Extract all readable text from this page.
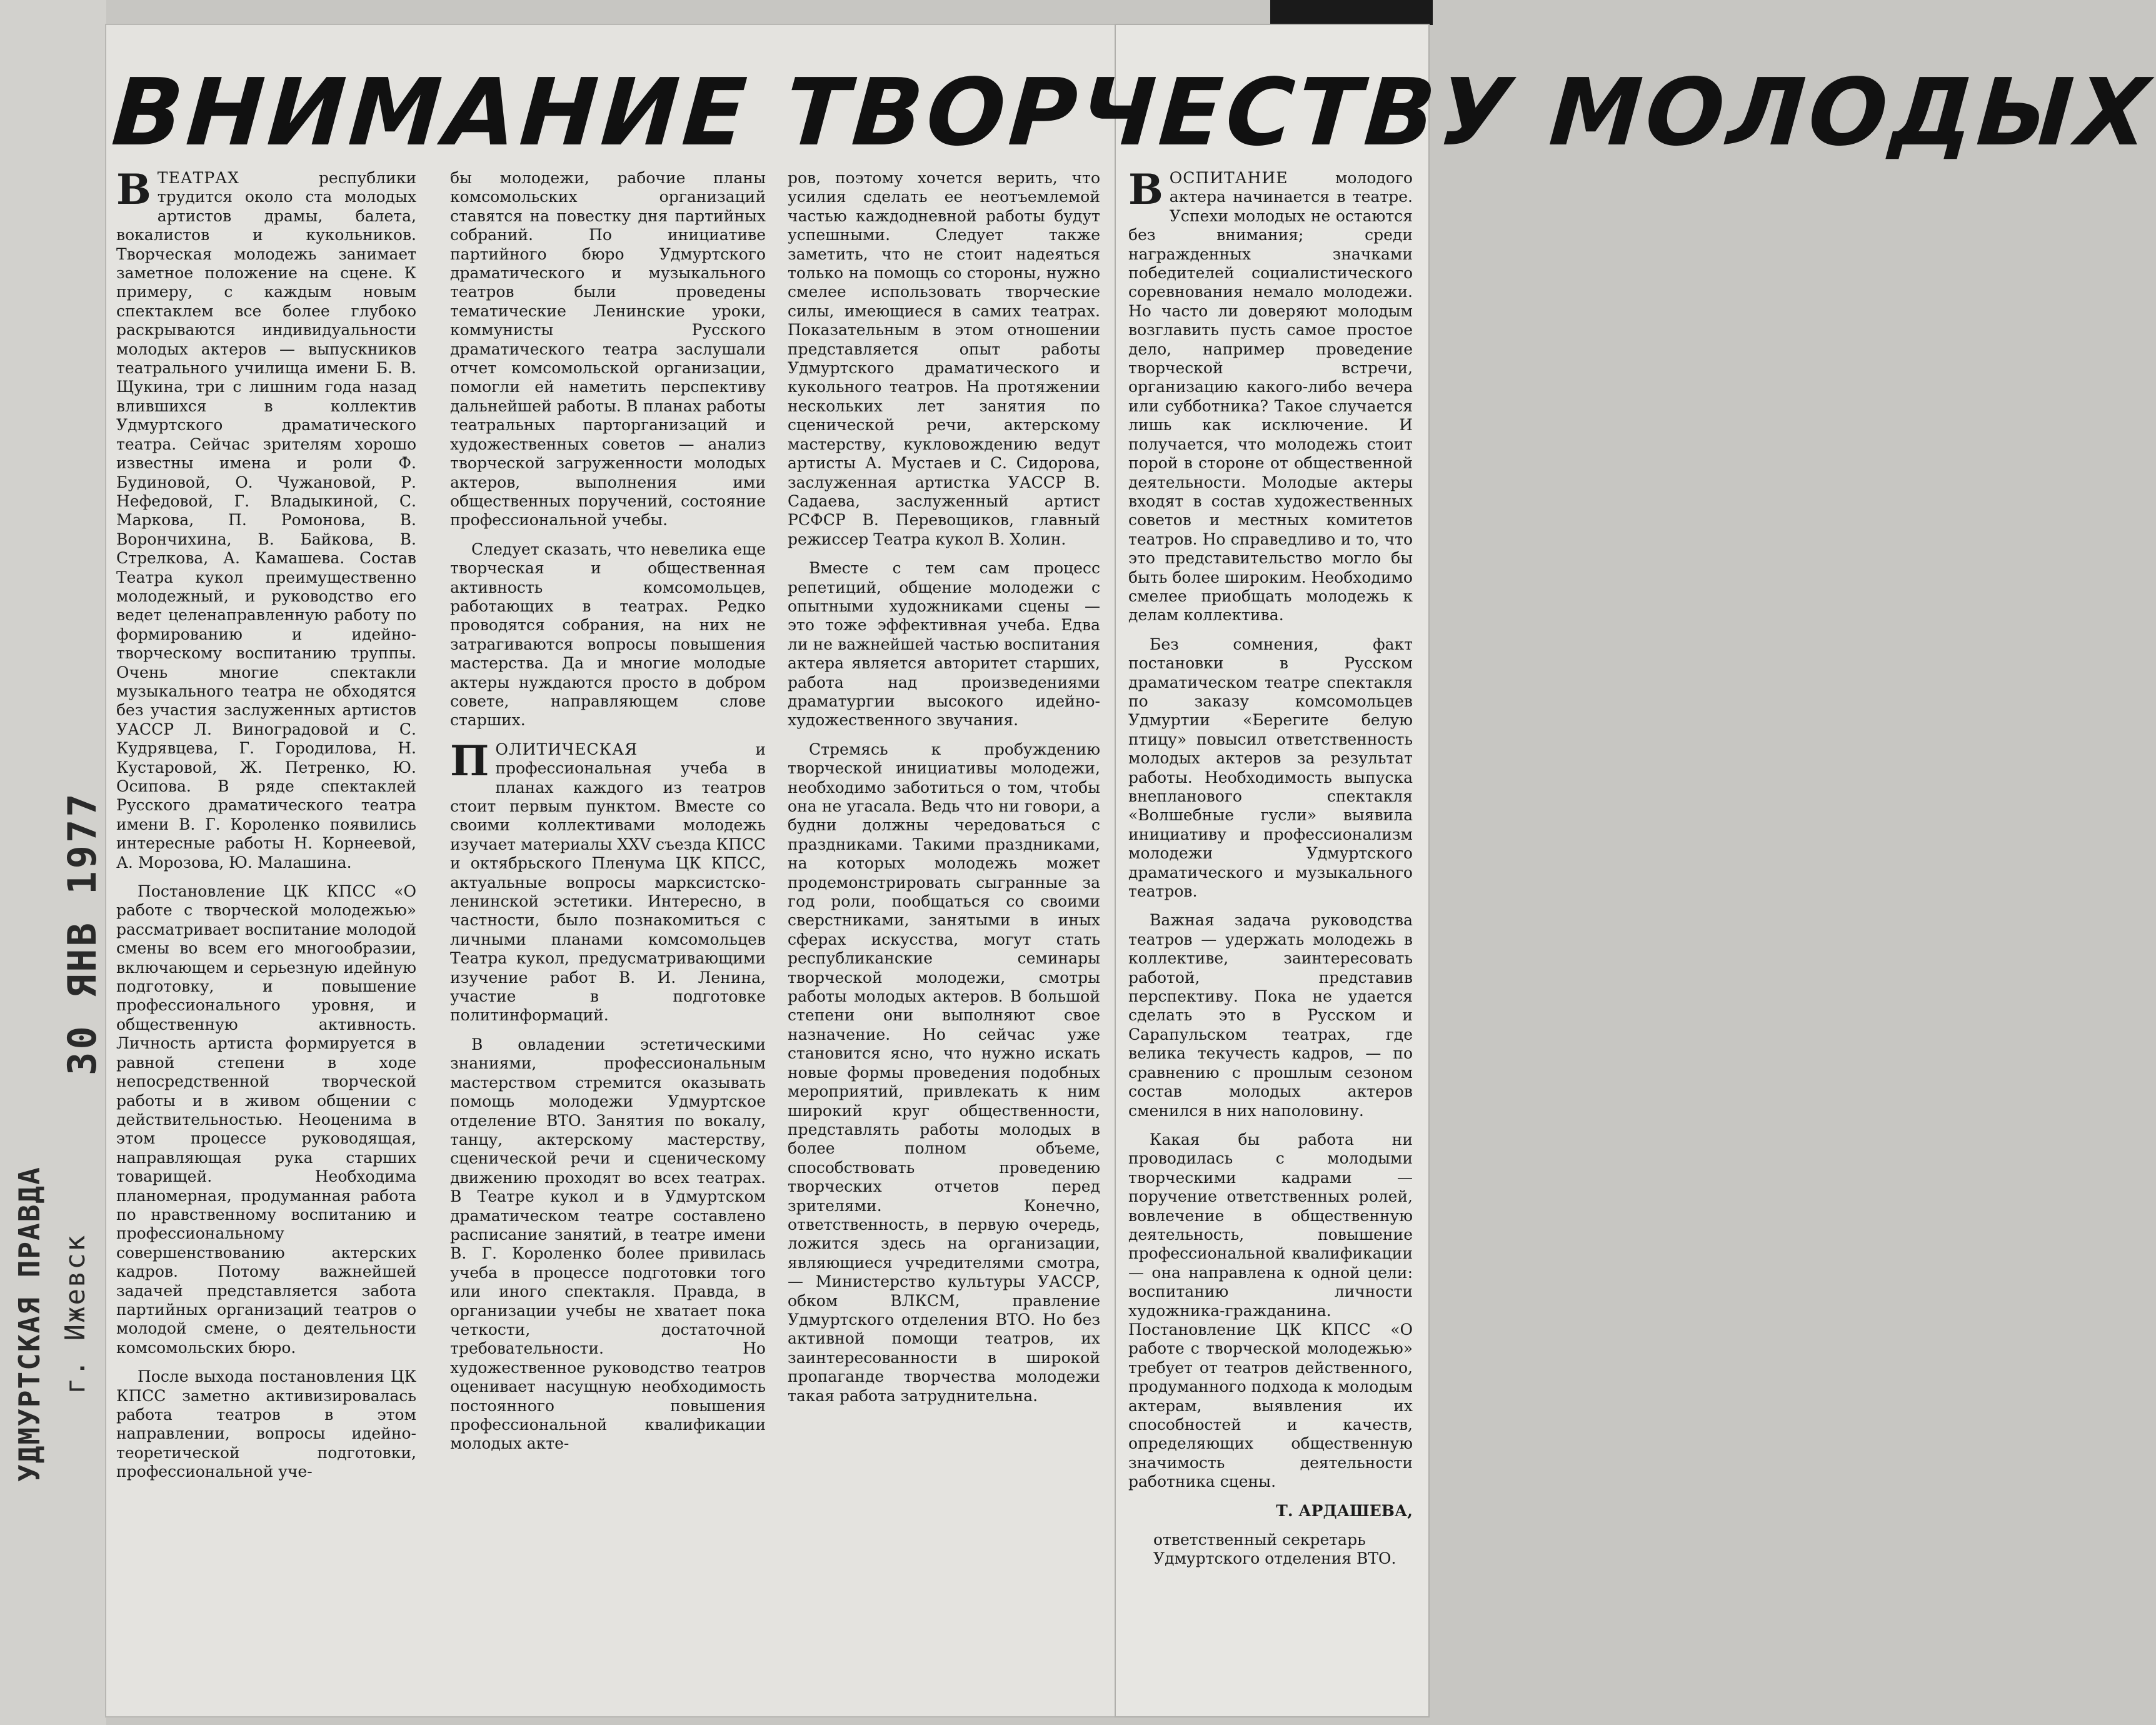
ВНИМАНИЕ ТВОРЧЕСТВУ МОЛОДЫХ

ВТЕАТРАХ республики трудится около ста молодых артистов драмы, балета, вокалистов и кукольников. Творческая молодежь занимает заметное положение на сцене. К примеру, с каждым новым спектаклем все более глубоко раскрываются индивидуальности молодых актеров — выпускников театрального училища имени Б. В. Щукина, три с лишним года назад влившихся в коллектив Удмуртского драматического театра. Сейчас зрителям хорошо известны имена и роли Ф. Будиновой, О. Чужановой, Р. Нефедовой, Г. Владыкиной, С. Маркова, П. Ромонова, В. Ворончихина, В. Байкова, В. Стрелкова, А. Камашева. Состав Театра кукол преимущественно молодежный, и руководство его ведет целенаправленную работу по формированию и идейно-творческому воспитанию труппы. Очень многие спектакли музыкального театра не обходятся без участия заслуженных артистов УАССР Л. Виноградовой и С. Кудрявцева, Г. Городилова, Н. Кустаровой, Ж. Петренко, Ю. Осипова. В ряде спектаклей Русского драматического театра имени В. Г. Короленко появились интересные работы Н. Корнеевой, А. Морозова, Ю. Малашина.

Постановление ЦК КПСС «О работе с творческой молодежью» рассматривает воспитание молодой смены во всем его многообразии, включающем и серьезную идейную подготовку, и повышение профессионального уровня, и общественную активность. Личность артиста формируется в равной степени в ходе непосредственной творческой работы и в живом общении с действительностью. Неоценима в этом процессе руководящая, направляющая рука старших товарищей. Необходима планомерная, продуманная работа по нравственному воспитанию и профессиональному совершенствованию актерских кадров. Потому важнейшей задачей представляется забота партийных организаций театров о молодой смене, о деятельности комсомольских бюро.

После выхода постановления ЦК КПСС заметно активизировалась работа театров в этом направлении, вопросы идейно-теоретической подготовки, профессиональной уче-

бы молодежи, рабочие планы комсомольских организаций ставятся на повестку дня партийных собраний. По инициативе партийного бюро Удмуртского драматического и музыкального театров были проведены тематические Ленинские уроки, коммунисты Русского драматического театра заслушали отчет комсомольской организации, помогли ей наметить перспективу дальнейшей работы. В планах работы театральных парторганизаций и художественных советов — анализ творческой загруженности молодых актеров, выполнения ими общественных поручений, состояние профессиональной учебы.

Следует сказать, что невелика еще творческая и общественная активность комсомольцев, работающих в театрах. Редко проводятся собрания, на них не затрагиваются вопросы повышения мастерства. Да и многие молодые актеры нуждаются просто в добром совете, направляющем слове старших.

ПОЛИТИЧЕСКАЯ и профессиональная учеба в планах каждого из театров стоит первым пунктом. Вместе со своими коллективами молодежь изучает материалы XXV съезда КПСС и октябрьского Пленума ЦК КПСС, актуальные вопросы марксистско-ленинской эстетики. Интересно, в частности, было познакомиться с личными планами комсомольцев Театра кукол, предусматривающими изучение работ В. И. Ленина, участие в подготовке политинформаций.

В овладении эстетическими знаниями, профессиональным мастерством стремится оказывать помощь молодежи Удмуртское отделение ВТО. Занятия по вокалу, танцу, актерскому мастерству, сценической речи и сценическому движению проходят во всех театрах. В Театре кукол и в Удмуртском драматическом театре составлено расписание занятий, в театре имени В. Г. Короленко более привилась учеба в процессе подготовки того или иного спектакля. Правда, в организации учебы не хватает пока четкости, достаточной требовательности. Но художественное руководство театров оценивает насущную необходимость постоянного повышения профессиональной квалификации молодых акте-

ров, поэтому хочется верить, что усилия сделать ее неотъемлемой частью каждодневной работы будут успешными. Следует также заметить, что не стоит надеяться только на помощь со стороны, нужно смелее использовать творческие силы, имеющиеся в самих театрах. Показательным в этом отношении представляется опыт работы Удмуртского драматического и кукольного театров. На протяжении нескольких лет занятия по сценической речи, актерскому мастерству, кукловождению ведут артисты А. Мустаев и С. Сидорова, заслуженная артистка УАССР В. Садаева, заслуженный артист РСФСР В. Перевощиков, главный режиссер Театра кукол В. Холин.

Вместе с тем сам процесс репетиций, общение молодежи с опытными художниками сцены — это тоже эффективная учеба. Едва ли не важнейшей частью воспитания актера является авторитет старших, работа над произведениями драматургии высокого идейно-художественного звучания.

Стремясь к пробуждению творческой инициативы молодежи, необходимо заботиться о том, чтобы она не угасала. Ведь что ни говори, а будни должны чередоваться с праздниками. Такими праздниками, на которых молодежь может продемонстрировать сыгранные за год роли, пообщаться со своими сверстниками, занятыми в иных сферах искусства, могут стать республиканские семинары творческой молодежи, смотры работы молодых актеров. В большой степени они выполняют свое назначение. Но сейчас уже становится ясно, что нужно искать новые формы проведения подобных мероприятий, привлекать к ним широкий круг общественности, представлять работы молодых в более полном объеме, способствовать проведению творческих отчетов перед зрителями. Конечно, ответственность, в первую очередь, ложится здесь на организации, являющиеся учредителями смотра, — Министерство культуры УАССР, обком ВЛКСМ, правление Удмуртского отделения ВТО. Но без активной помощи театров, их заинтересованности в широкой пропаганде творчества молодежи такая работа затруднительна.

ВОСПИТАНИЕ молодого актера начинается в театре. Успехи молодых не остаются без внимания; среди награжденных значками победителей социалистического соревнования немало молодежи. Но часто ли доверяют молодым возглавить пусть самое простое дело, например проведение творческой встречи, организацию какого-либо вечера или субботника? Такое случается лишь как исключение. И получается, что молодежь стоит порой в стороне от общественной деятельности. Молодые актеры входят в состав художественных советов и местных комитетов театров. Но справедливо и то, что это представительство могло бы быть более широким. Необходимо смелее приобщать молодежь к делам коллектива.

Без сомнения, факт постановки в Русском драматическом театре спектакля по заказу комсомольцев Удмуртии «Берегите белую птицу» повысил ответственность молодых актеров за результат работы. Необходимость выпуска внепланового спектакля «Волшебные гусли» выявила инициативу и профессионализм молодежи Удмуртского драматического и музыкального театров.

Важная задача руководства театров — удержать молодежь в коллективе, заинтересовать работой, представив перспективу. Пока не удается сделать это в Русском и Сарапульском театрах, где велика текучесть кадров, — по сравнению с прошлым сезоном состав молодых актеров сменился в них наполовину.

Какая бы работа ни проводилась с молодыми творческими кадрами — поручение ответственных ролей, вовлечение в общественную деятельность, повышение профессиональной квалификации — она направлена к одной цели: воспитанию личности художника-гражданина. Постановление ЦК КПСС «О работе с творческой молодежью» требует от театров действенного, продуманного подхода к молодым актерам, выявления их способностей и качеств, определяющих общественную значимость деятельности работника сцены.

Т. АРДАШЕВА,

ответственный секретарь Удмуртского отделения ВТО.

УДМУРТСКАЯ ПРАВДА г. Ижевск
30 ЯНВ 1977
